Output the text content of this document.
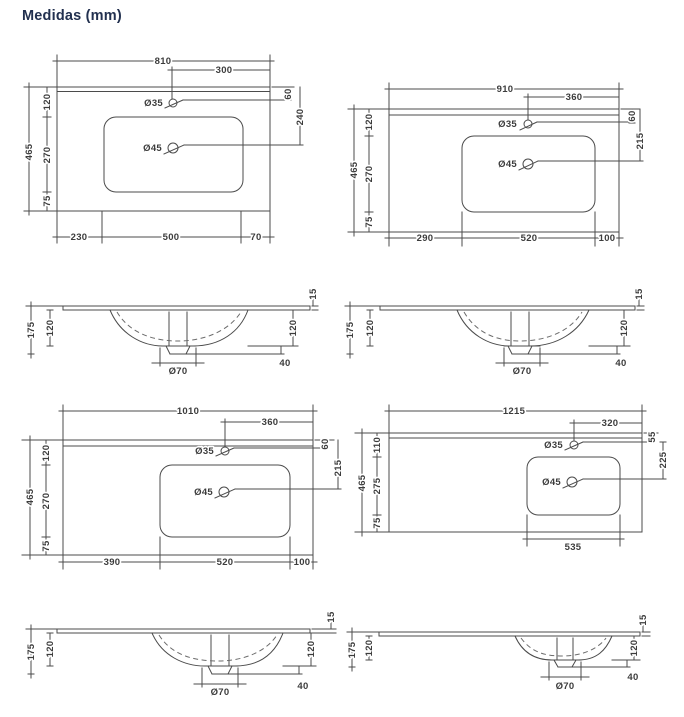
Medidas (mm)
810
300
60
240
465
120
270
75
230	500	70
Ø35
Ø45
910
360
60
215
465
120
270
75
290	520	100
Ø35
Ø45
175 120
15
120
40
Ø70
175 120
15
120
40
Ø70
1010
360
60
215
465
120
270
75
390	520	100
Ø35
Ø45
1215
320
55
225
465
110
275
75
535
Ø35
Ø45
175 120
15
120
40
Ø70
175 120
15
120
40
Ø70
